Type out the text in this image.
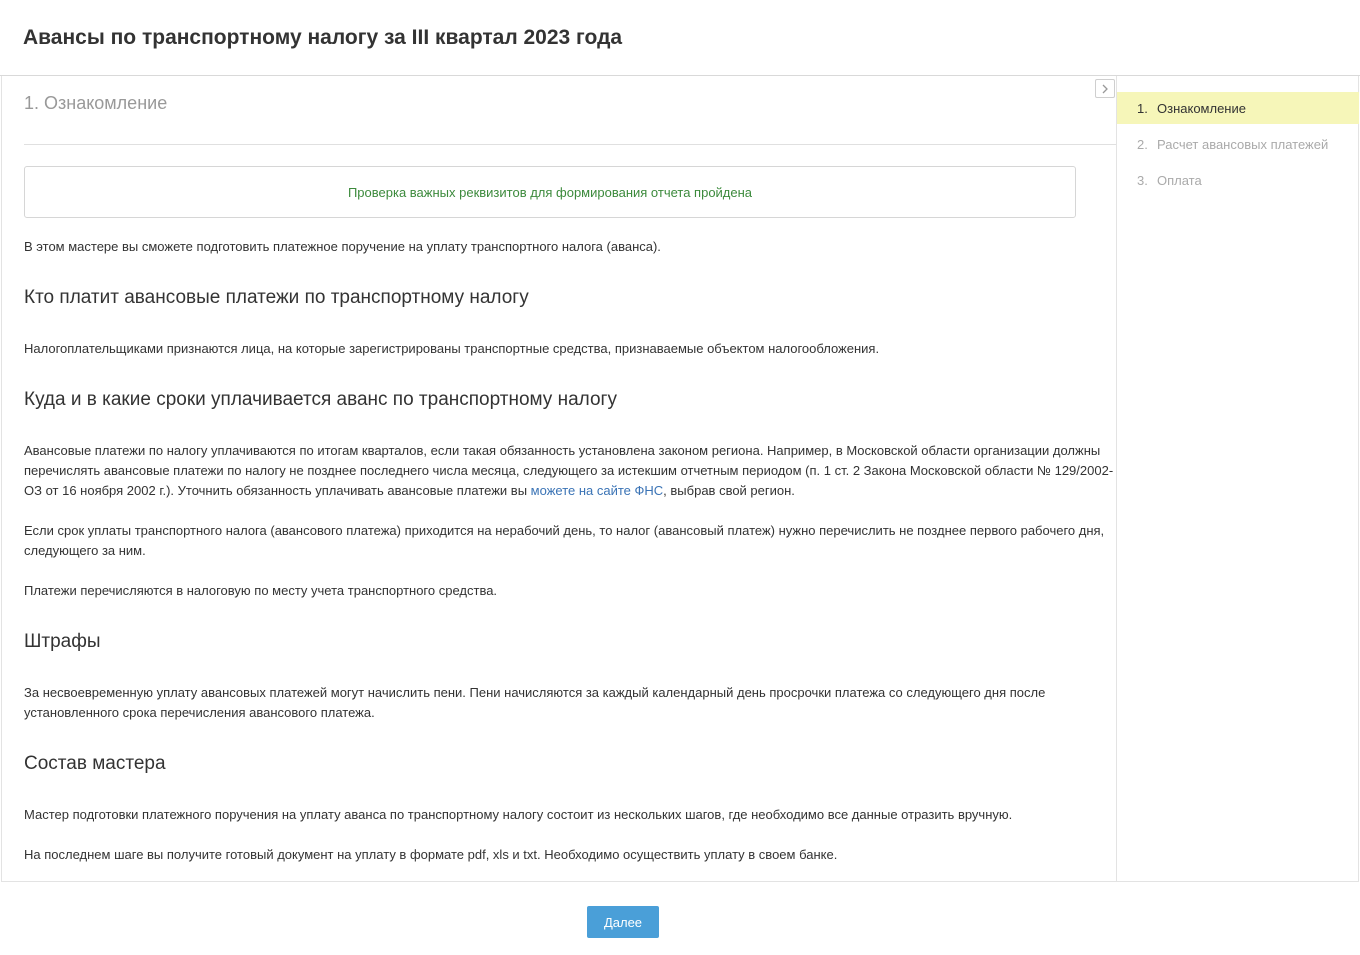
Авансы по транспортному налогу за III квартал 2023 года
1. Ознакомление
Проверка важных реквизитов для формирования отчета пройдена

В этом мастере вы сможете подготовить платежное поручение на уплату транспортного налога (аванса).

Кто платит авансовые платежи по транспортному налогу

Налогоплательщиками признаются лица, на которые зарегистрированы транспортные средства, признаваемые объектом налогообложения.

Куда и в какие сроки уплачивается аванс по транспортному налогу

Авансовые платежи по налогу уплачиваются по итогам кварталов, если такая обязанность установлена законом региона. Например, в Московской области организации должны перечислять авансовые платежи по налогу не позднее последнего числа месяца, следующего за истекшим отчетным периодом (п. 1 ст. 2 Закона Московской области № 129/2002-ОЗ от 16 ноября 2002 г.). Уточнить обязанность уплачивать авансовые платежи вы можете на сайте ФНС, выбрав свой регион.

Если срок уплаты транспортного налога (авансового платежа) приходится на нерабочий день, то налог (авансовый платеж) нужно перечислить не позднее первого рабочего дня, следующего за ним.

Платежи перечисляются в налоговую по месту учета транспортного средства.

Штрафы

За несвоевременную уплату авансовых платежей могут начислить пени. Пени начисляются за каждый календарный день просрочки платежа со следующего дня после установленного срока перечисления авансового платежа.

Состав мастера

Мастер подготовки платежного поручения на уплату аванса по транспортному налогу состоит из нескольких шагов, где необходимо все данные отразить вручную.

На последнем шаге вы получите готовый документ на уплату в формате pdf, xls и txt. Необходимо осуществить уплату в своем банке.

1. Ознакомление
2. Расчет авансовых платежей
3. Оплата
Далее
